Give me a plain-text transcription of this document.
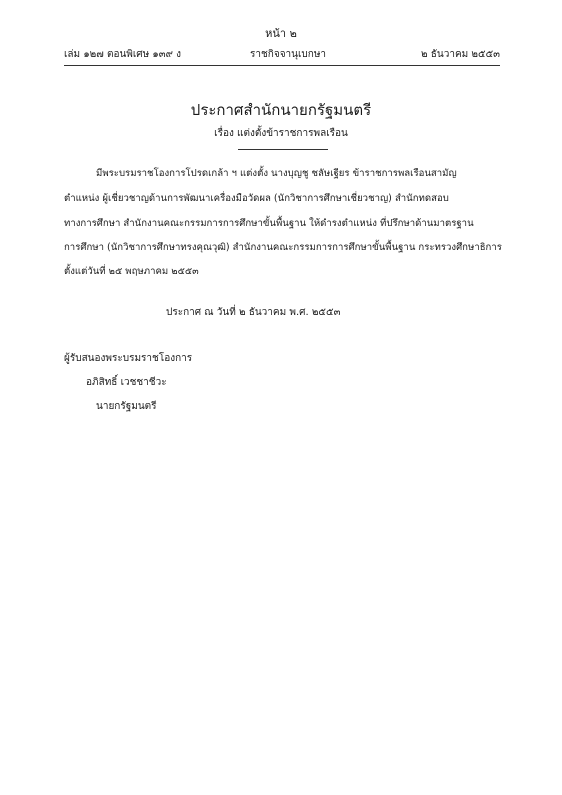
หน้า ๒
เล่ม ๑๒๗ ตอนพิเศษ ๑๓๙ ง	ราชกิจจานุเบกษา	๒ ธันวาคม ๒๕๕๓
ประกาศสำนักนายกรัฐมนตรี
เรื่อง แต่งตั้งข้าราชการพลเรือน
มีพระบรมราชโองการโปรดเกล้า ฯ แต่งตั้ง นางบุญชู ชลัษเฐียร ข้าราชการพลเรือนสามัญ
ตำแหน่ง ผู้เชี่ยวชาญด้านการพัฒนาเครื่องมือวัดผล (นักวิชาการศึกษาเชี่ยวชาญ) สำนักทดสอบ
ทางการศึกษา สำนักงานคณะกรรมการการศึกษาขั้นพื้นฐาน ให้ดำรงตำแหน่ง ที่ปรึกษาด้านมาตรฐาน
การศึกษา (นักวิชาการศึกษาทรงคุณวุฒิ) สำนักงานคณะกรรมการการศึกษาขั้นพื้นฐาน กระทรวงศึกษาธิการ
ตั้งแต่วันที่ ๒๕ พฤษภาคม ๒๕๕๓
ประกาศ ณ วันที่ ๒ ธันวาคม พ.ศ. ๒๕๕๓
ผู้รับสนองพระบรมราชโองการ
อภิสิทธิ์ เวชชาชีวะ
นายกรัฐมนตรี
